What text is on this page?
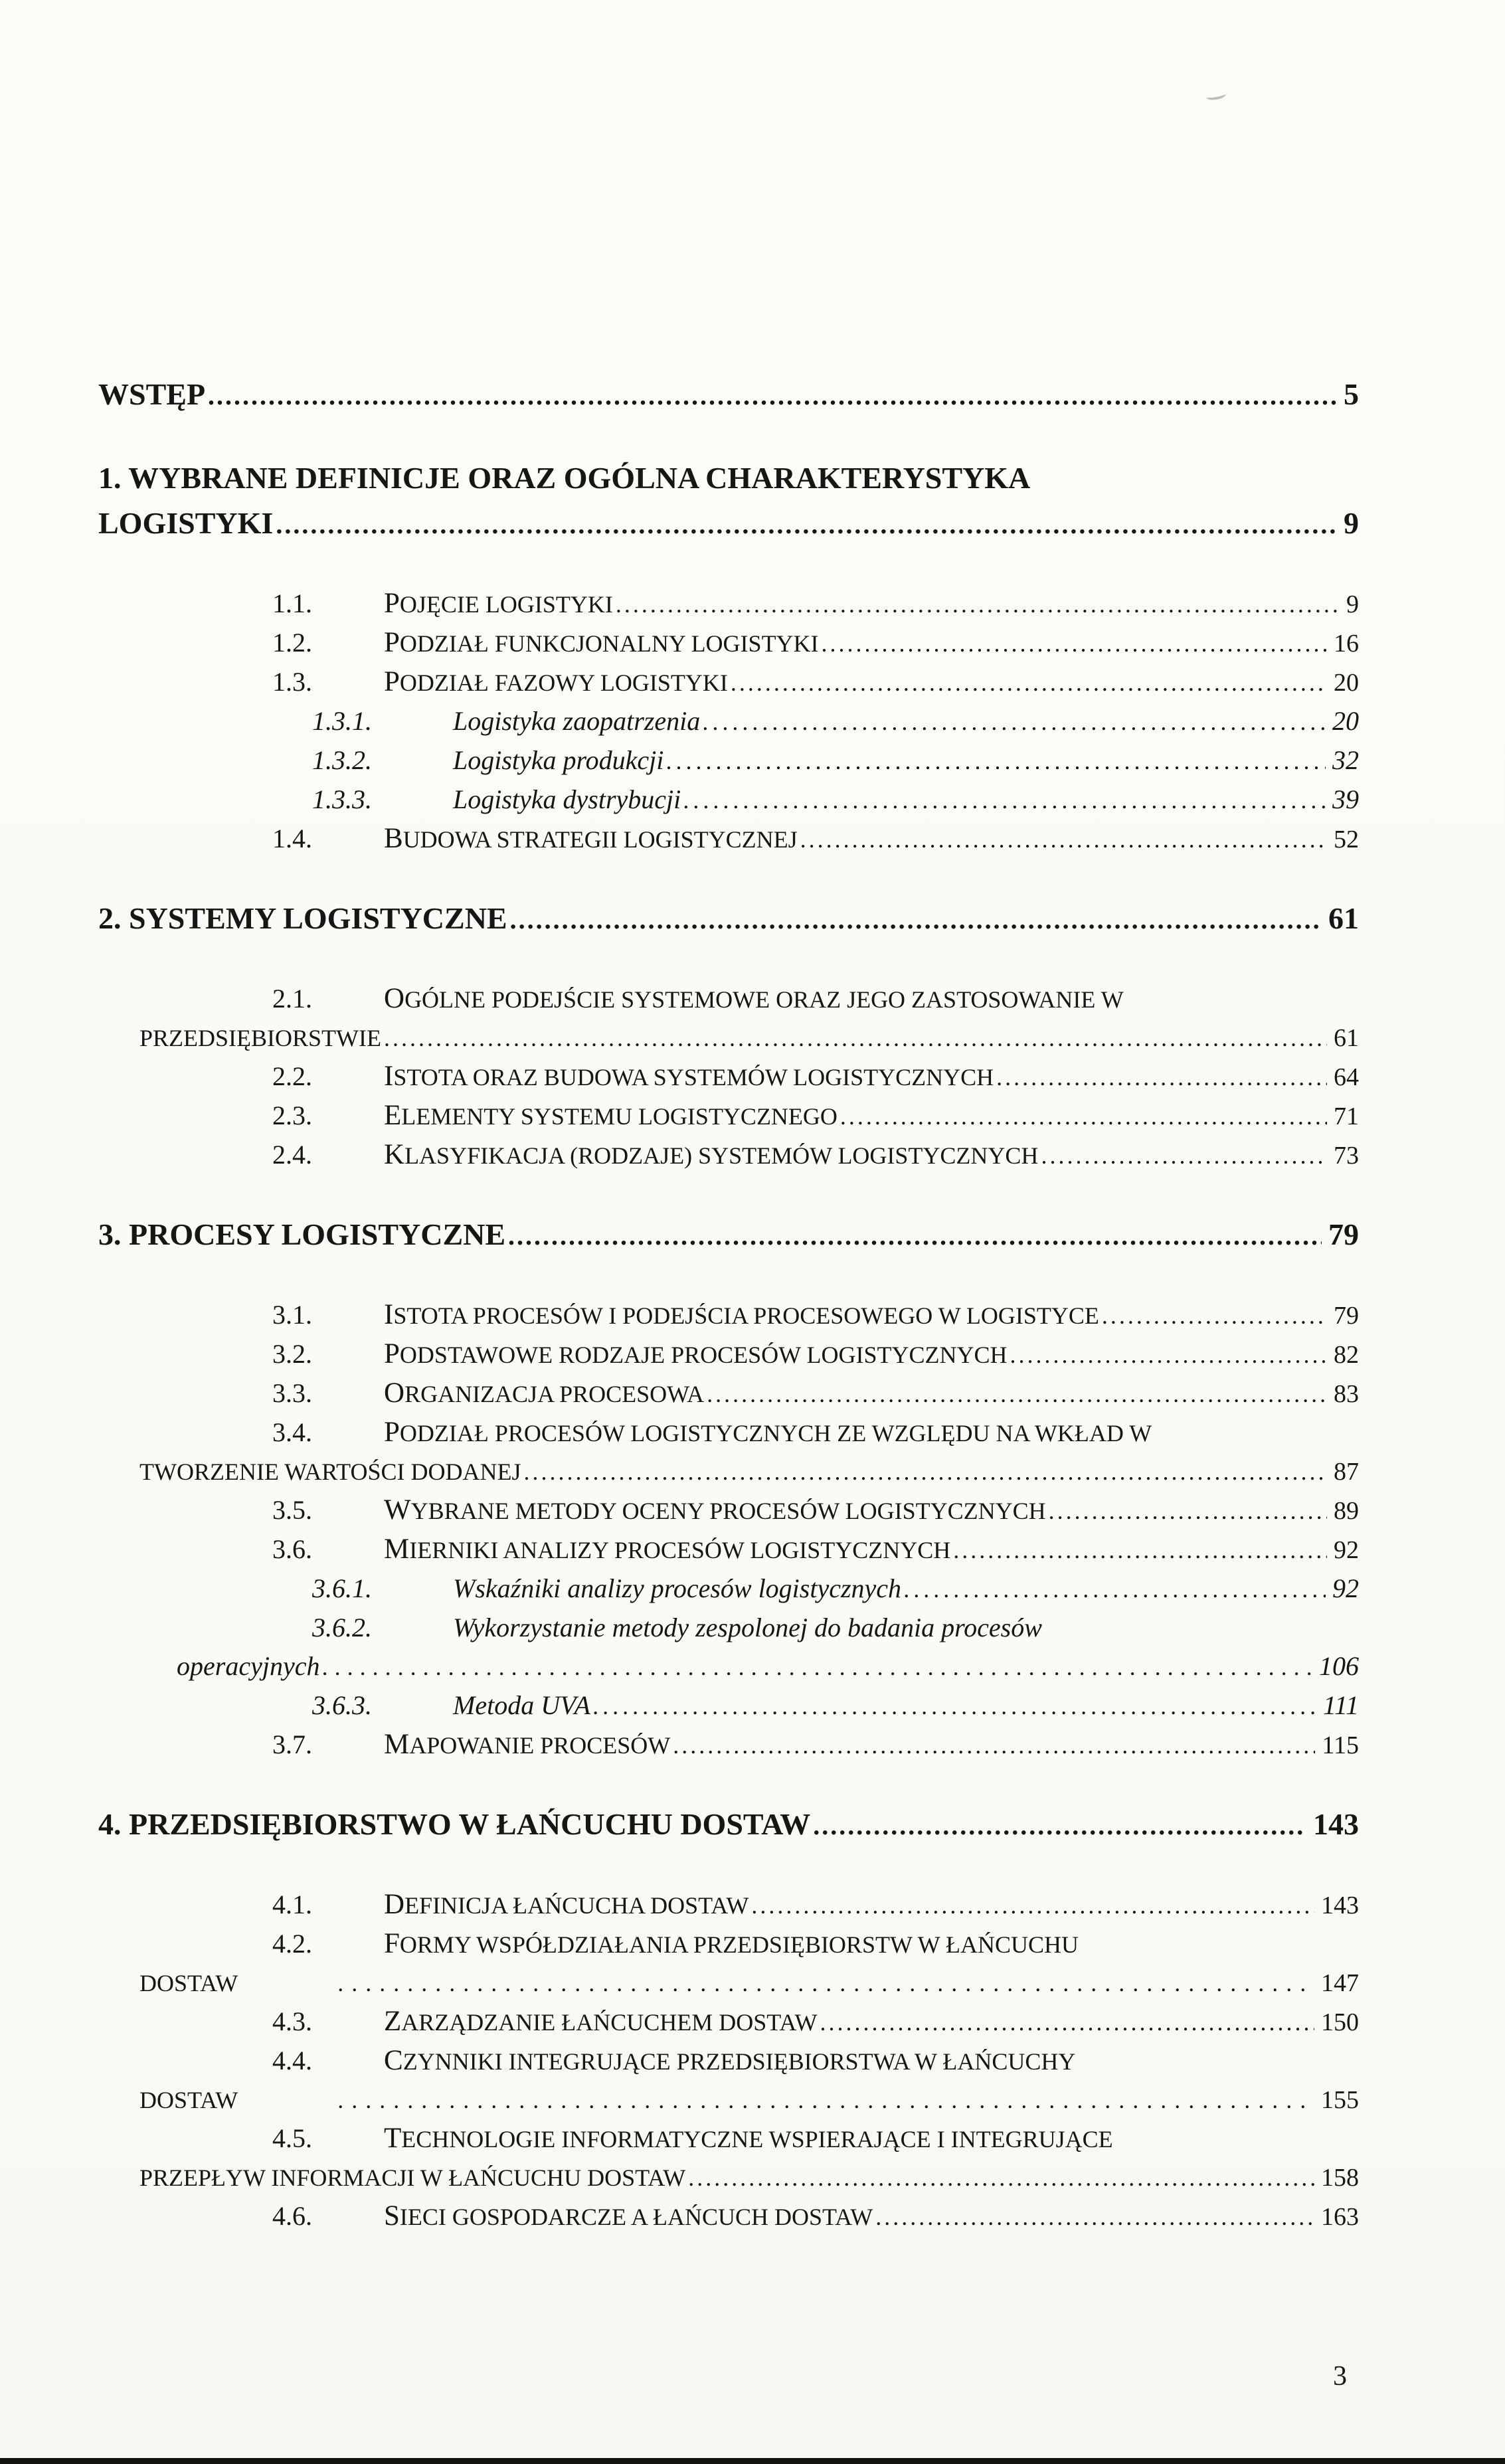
WSTĘP .....	5
1. WYBRANE DEFINICJE ORAZ OGÓLNA CHARAKTERYSTYKA
LOGISTYKI .....	9
1.1.	POJĘCIE LOGISTYKI .....	9
1.2.	PODZIAŁ FUNKCJONALNY LOGISTYKI .....	16
1.3.	PODZIAŁ FAZOWY LOGISTYKI .....	20
1.3.1.	Logistyka zaopatrzenia .....	20
1.3.2.	Logistyka produkcji .....	32
1.3.3.	Logistyka dystrybucji .....	39
1.4.	BUDOWA STRATEGII LOGISTYCZNEJ .....	52
2. SYSTEMY LOGISTYCZNE .....	61
2.1.	OGÓLNE PODEJŚCIE SYSTEMOWE ORAZ JEGO ZASTOSOWANIE W
PRZEDSIĘBIORSTWIE .....	61
2.2.	ISTOTA ORAZ BUDOWA SYSTEMÓW LOGISTYCZNYCH .....	64
2.3.	ELEMENTY SYSTEMU LOGISTYCZNEGO .....	71
2.4.	KLASYFIKACJA (RODZAJE) SYSTEMÓW LOGISTYCZNYCH .....	73
3. PROCESY LOGISTYCZNE .....	79
3.1.	ISTOTA PROCESÓW I PODEJŚCIA PROCESOWEGO W LOGISTYCE .....	79
3.2.	PODSTAWOWE RODZAJE PROCESÓW LOGISTYCZNYCH .....	82
3.3.	ORGANIZACJA PROCESOWA .....	83
3.4.	PODZIAŁ PROCESÓW LOGISTYCZNYCH ZE WZGLĘDU NA WKŁAD W
TWORZENIE WARTOŚCI DODANEJ .....	87
3.5.	WYBRANE METODY OCENY PROCESÓW LOGISTYCZNYCH .....	89
3.6.	MIERNIKI ANALIZY PROCESÓW LOGISTYCZNYCH .....	92
3.6.1.	Wskaźniki analizy procesów logistycznych .....	92
3.6.2.	Wykorzystanie metody zespolonej do badania procesów
operacyjnych .....	106
3.6.3.	Metoda UVA .....	111
3.7.	MAPOWANIE PROCESÓW .....	115
4. PRZEDSIĘBIORSTWO W ŁAŃCUCHU DOSTAW .....	143
4.1.	DEFINICJA ŁAŃCUCHA DOSTAW .....	143
4.2.	FORMY WSPÓŁDZIAŁANIA PRZEDSIĘBIORSTW W ŁAŃCUCHU
DOSTAW .....	147
4.3.	ZARZĄDZANIE ŁAŃCUCHEM DOSTAW .....	150
4.4.	CZYNNIKI INTEGRUJĄCE PRZEDSIĘBIORSTWA W ŁAŃCUCHY
DOSTAW .....	155
4.5.	TECHNOLOGIE INFORMATYCZNE WSPIERAJĄCE I INTEGRUJĄCE
PRZEPŁYW INFORMACJI W ŁAŃCUCHU DOSTAW .....	158
4.6.	SIECI GOSPODARCZE A ŁAŃCUCH DOSTAW .....	163
3
